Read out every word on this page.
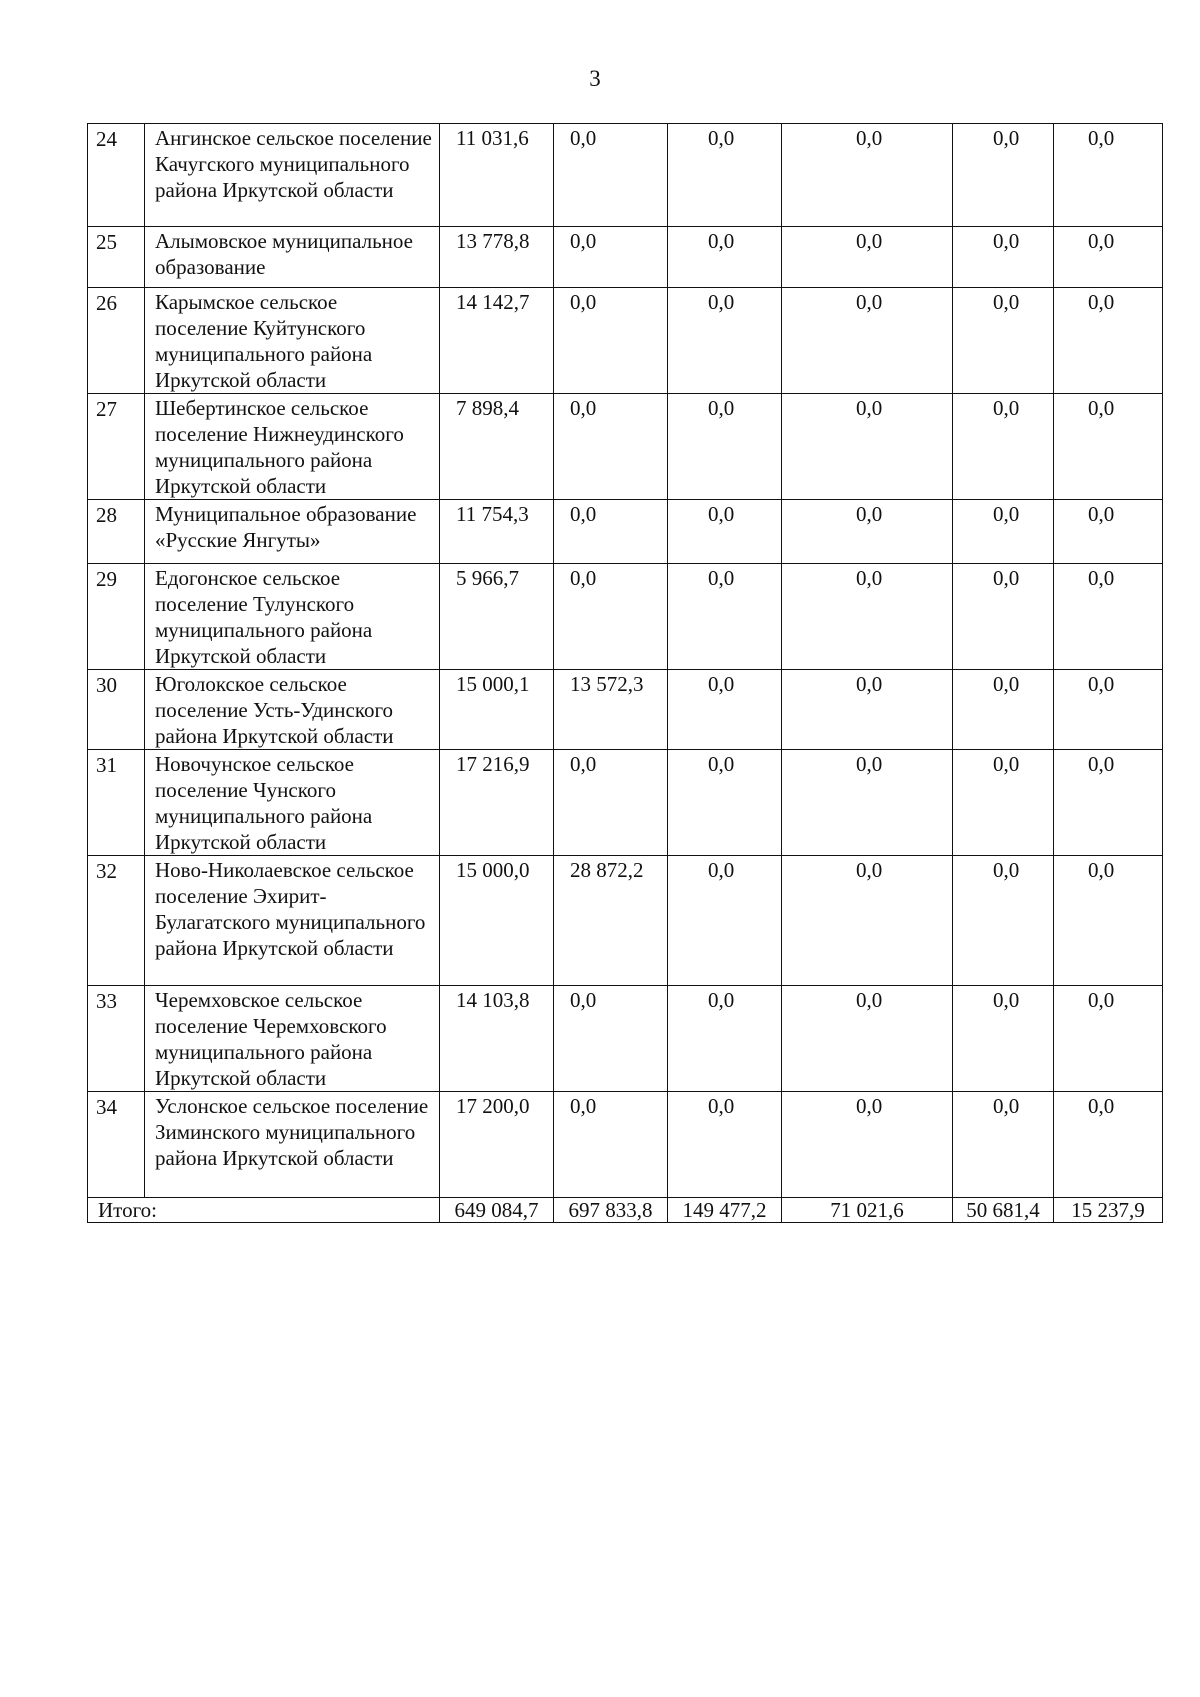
3
24	Ангинское сельское поселение Качугского муниципального района Иркутской области	11 031,6	0,0	0,0	0,0	0,0	0,0
25	Алымовское муниципальное образование	13 778,8	0,0	0,0	0,0	0,0	0,0
26	Карымское сельское поселение Куйтунского муниципального района Иркутской области	14 142,7	0,0	0,0	0,0	0,0	0,0
27	Шебертинское сельское поселение Нижнеудинского муниципального района Иркутской области	7 898,4	0,0	0,0	0,0	0,0	0,0
28	Муниципальное образование «Русские Янгуты»	11 754,3	0,0	0,0	0,0	0,0	0,0
29	Едогонское сельское поселение Тулунского муниципального района Иркутской области	5 966,7	0,0	0,0	0,0	0,0	0,0
30	Юголокское сельское поселение Усть-Удинского района Иркутской области	15 000,1	13 572,3	0,0	0,0	0,0	0,0
31	Новочунское сельское поселение Чунского муниципального района Иркутской области	17 216,9	0,0	0,0	0,0	0,0	0,0
32	Ново-Николаевское сельское поселение Эхирит-Булагатского муниципального района Иркутской области	15 000,0	28 872,2	0,0	0,0	0,0	0,0
33	Черемховское сельское поселение Черемховского муниципального района Иркутской области	14 103,8	0,0	0,0	0,0	0,0	0,0
34	Услонское сельское поселение Зиминского муниципального района Иркутской области	17 200,0	0,0	0,0	0,0	0,0	0,0
Итого:		649 084,7	697 833,8	149 477,2	71 021,6	50 681,4	15 237,9
